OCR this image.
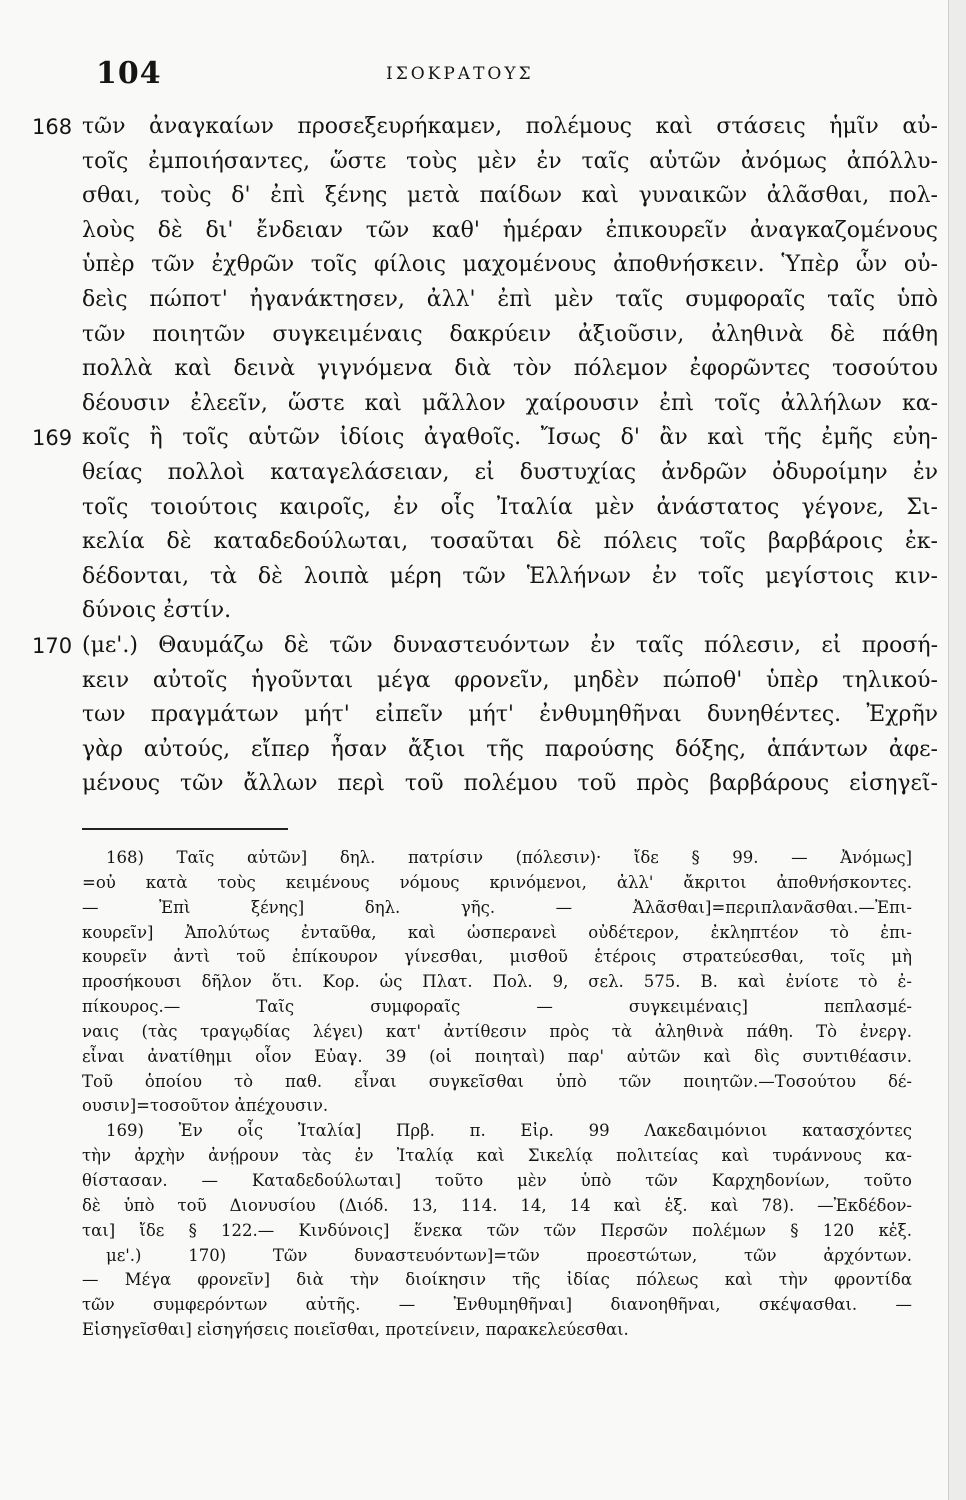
104	ΙΣΟΚΡΑΤΟΥΣ
168 τῶν ἀναγκαίων προσεξευρήκαμεν, πολέμους καὶ στάσεις ἡμῖν αὐ-
τοῖς ἐμποιήσαντες, ὥστε τοὺς μὲν ἐν ταῖς αὑτῶν ἀνόμως ἀπόλλυ-
σθαι, τοὺς δ' ἐπὶ ξένης μετὰ παίδων καὶ γυναικῶν ἀλᾶσθαι, πολ-
λοὺς δὲ δι' ἔνδειαν τῶν καθ' ἡμέραν ἐπικουρεῖν ἀναγκαζομένους
ὑπὲρ τῶν ἐχθρῶν τοῖς φίλοις μαχομένους ἀποθνήσκειν. Ὑπὲρ ὧν οὐ-
δεὶς πώποτ' ἠγανάκτησεν, ἀλλ' ἐπὶ μὲν ταῖς συμφοραῖς ταῖς ὑπὸ
τῶν ποιητῶν συγκειμέναις δακρύειν ἀξιοῦσιν, ἀληθινὰ δὲ πάθη
πολλὰ καὶ δεινὰ γιγνόμενα διὰ τὸν πόλεμον ἐφορῶντες τοσούτου
δέουσιν ἐλεεῖν, ὥστε καὶ μᾶλλον χαίρουσιν ἐπὶ τοῖς ἀλλήλων κα-
169 κοῖς ἢ τοῖς αὑτῶν ἰδίοις ἀγαθοῖς. Ἴσως δ' ἂν καὶ τῆς ἐμῆς εὐη-
θείας πολλοὶ καταγελάσειαν, εἰ δυστυχίας ἀνδρῶν ὀδυροίμην ἐν
τοῖς τοιούτοις καιροῖς, ἐν οἷς Ἰταλία μὲν ἀνάστατος γέγονε, Σι-
κελία δὲ καταδεδούλωται, τοσαῦται δὲ πόλεις τοῖς βαρβάροις ἐκ-
δέδονται, τὰ δὲ λοιπὰ μέρη τῶν Ἑλλήνων ἐν τοῖς μεγίστοις κιν-
δύνοις ἐστίν.
170 (με'.) Θαυμάζω δὲ τῶν δυναστευόντων ἐν ταῖς πόλεσιν, εἰ προσή-
κειν αὐτοῖς ἡγοῦνται μέγα φρονεῖν, μηδὲν πώποθ' ὑπὲρ τηλικού-
των πραγμάτων μήτ' εἰπεῖν μήτ' ἐνθυμηθῆναι δυνηθέντες. Ἐχρῆν
γὰρ αὐτούς, εἴπερ ἦσαν ἄξιοι τῆς παρούσης δόξης, ἁπάντων ἀφε-
μένους τῶν ἄλλων περὶ τοῦ πολέμου τοῦ πρὸς βαρβάρους εἰσηγεῖ-
168) Ταῖς αὑτῶν] δηλ. πατρίσιν (πόλεσιν)· ἴδε § 99. — Ἀνόμως]
=οὐ κατὰ τοὺς κειμένους νόμους κρινόμενοι, ἀλλ' ἄκριτοι ἀποθνήσκοντες.
— Ἐπὶ ξένης] δηλ. γῆς. — Ἀλᾶσθαι]=περιπλανᾶσθαι.—Ἐπι-
κουρεῖν] Ἀπολύτως ἐνταῦθα, καὶ ὡσπερανεὶ οὐδέτερον, ἐκληπτέον τὸ ἐπι-
κουρεῖν ἀντὶ τοῦ ἐπίκουρον γίνεσθαι, μισθοῦ ἑτέροις στρατεύεσθαι, τοῖς μὴ
προσήκουσι δῆλον ὅτι. Κορ. ὡς Πλατ. Πολ. 9, σελ. 575. Β. καὶ ἐνίοτε τὸ ἐ-
πίκουρος.— Ταῖς συμφοραῖς — συγκειμέναις] πεπλασμέ-
ναις (τὰς τραγῳδίας λέγει) κατ' ἀντίθεσιν πρὸς τὰ ἀληθινὰ πάθη. Τὸ ἐνεργ.
εἶναι ἀνατίθημι οἷον Εὐαγ. 39 (οἱ ποιηταὶ) παρ' αὐτῶν καὶ δὶς συντιθέασιν.
Τοῦ ὁποίου τὸ παθ. εἶναι συγκεῖσθαι ὑπὸ τῶν ποιητῶν.—Τοσούτου δέ-
ουσιν]=τοσοῦτον ἀπέχουσιν.
169) Ἐν οἷς Ἰταλία] Πρβ. π. Εἰρ. 99 Λακεδαιμόνιοι κατασχόντες
τὴν ἀρχὴν ἀνῄρουν τὰς ἐν Ἰταλίᾳ καὶ Σικελίᾳ πολιτείας καὶ τυράννους κα-
θίστασαν. — Καταδεδούλωται] τοῦτο μὲν ὑπὸ τῶν Καρχηδονίων, τοῦτο
δὲ ὑπὸ τοῦ Διονυσίου (Διόδ. 13, 114. 14, 14 καὶ ἑξ. καὶ 78). —Ἐκδέδον-
ται] ἴδε § 122.— Κινδύνοις] ἕνεκα τῶν τῶν Περσῶν πολέμων § 120 κἑξ.
με'.) 170) Τῶν δυναστευόντων]=τῶν προεστώτων, τῶν ἀρχόντων.
— Μέγα φρονεῖν] διὰ τὴν διοίκησιν τῆς ἰδίας πόλεως καὶ τὴν φροντίδα
τῶν συμφερόντων αὐτῆς. — Ἐνθυμηθῆναι] διανοηθῆναι, σκέψασθαι. —
Εἰσηγεῖσθαι] εἰσηγήσεις ποιεῖσθαι, προτείνειν, παρακελεύεσθαι.
